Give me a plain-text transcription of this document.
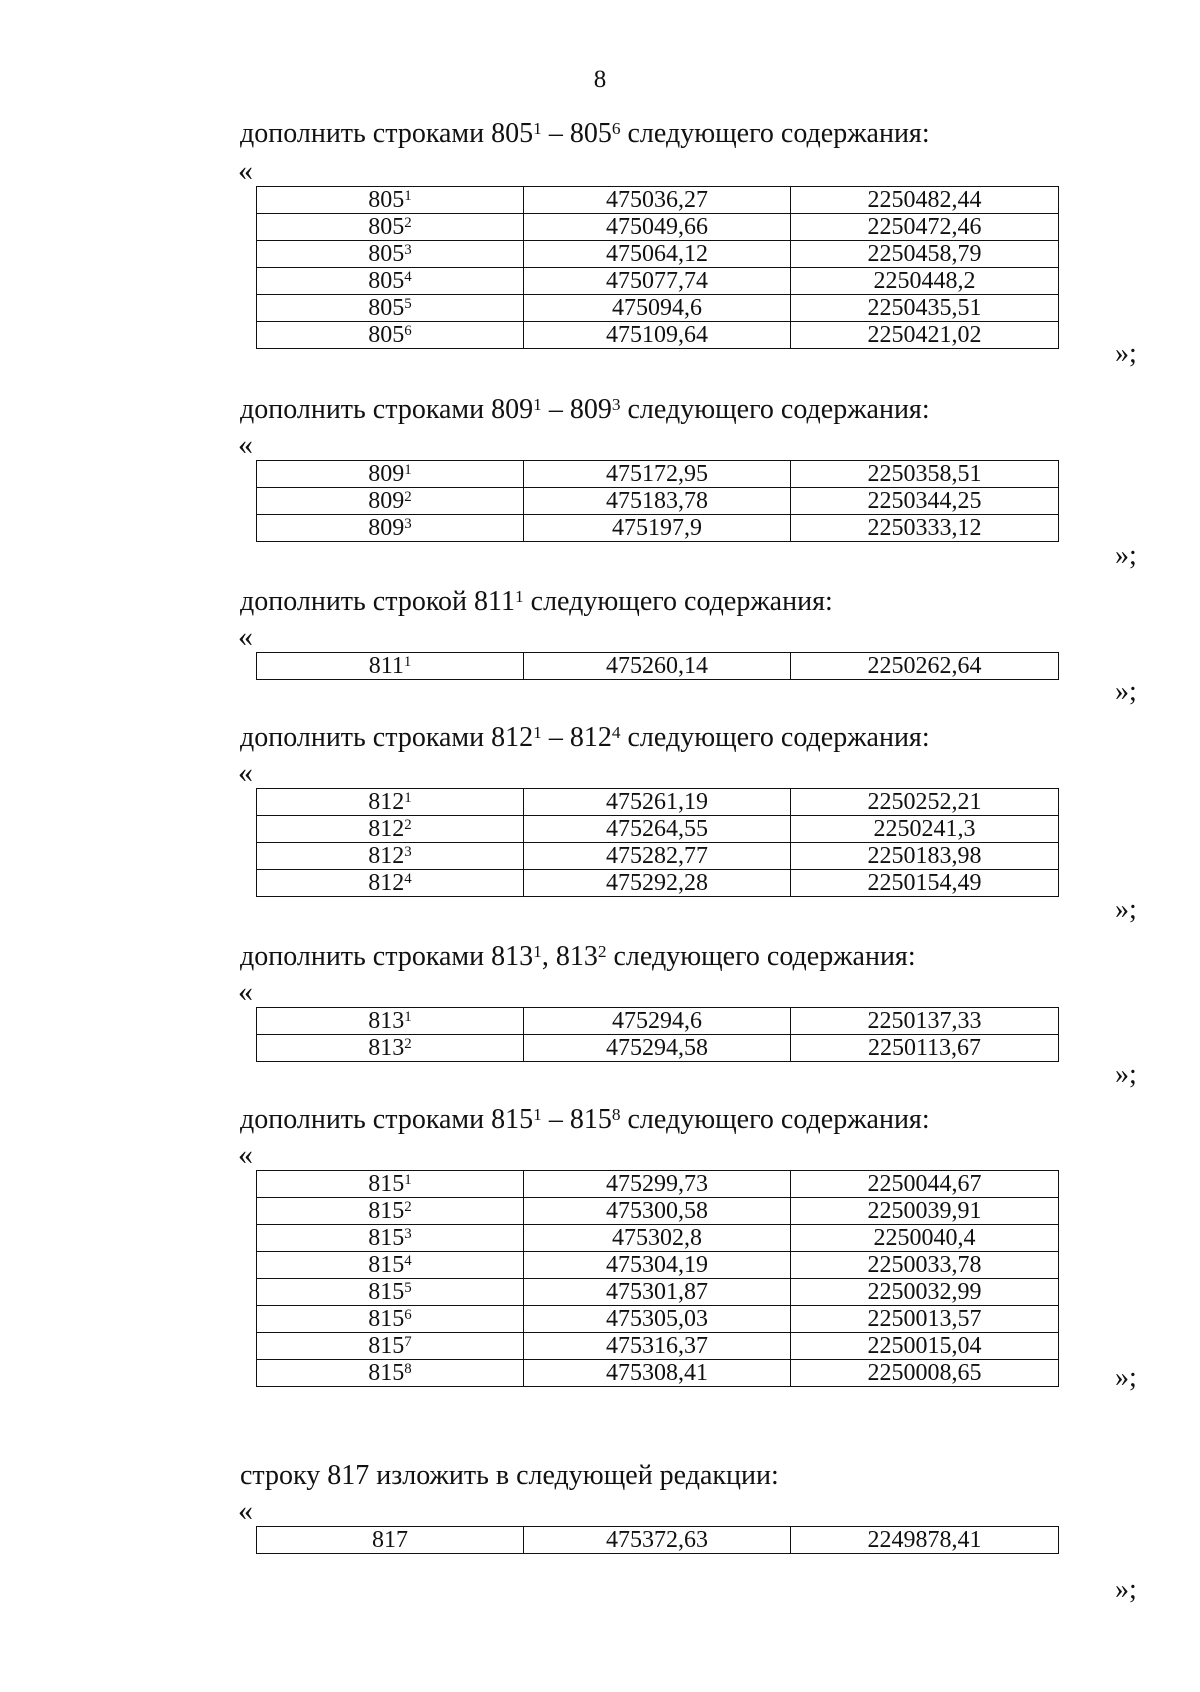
8
дополнить строками $805^1 - 805^6$ следующего содержания:
«
$805^1$	475036,27	2250482,44
$805^2$	475049,66	2250472,46
$805^3$	475064,12	2250458,79
$805^4$	475077,74	2250448,2
$805^5$	475094,6	2250435,51
$805^6$	475109,64	2250421,02
»;
дополнить строками $809^1 - 809^3$ следующего содержания:
«
$809^1$	475172,95	2250358,51
$809^2$	475183,78	2250344,25
$809^3$	475197,9	2250333,12
»;
дополнить строкой $811^1$ следующего содержания:
«
$811^1$	475260,14	2250262,64
»;
дополнить строками $812^1 - 812^4$ следующего содержания:
«
$812^1$	475261,19	2250252,21
$812^2$	475264,55	2250241,3
$812^3$	475282,77	2250183,98
$812^4$	475292,28	2250154,49
»;
дополнить строками $813^1$, $813^2$ следующего содержания:
«
$813^1$	475294,6	2250137,33
$813^2$	475294,58	2250113,67
»;
дополнить строками $815^1 - 815^8$ следующего содержания:
«
$815^1$	475299,73	2250044,67
$815^2$	475300,58	2250039,91
$815^3$	475302,8	2250040,4
$815^4$	475304,19	2250033,78
$815^5$	475301,87	2250032,99
$815^6$	475305,03	2250013,57
$815^7$	475316,37	2250015,04
$815^8$	475308,41	2250008,65	»;
строку 817 изложить в следующей редакции:
«
817	475372,63	2249878,41
»;
